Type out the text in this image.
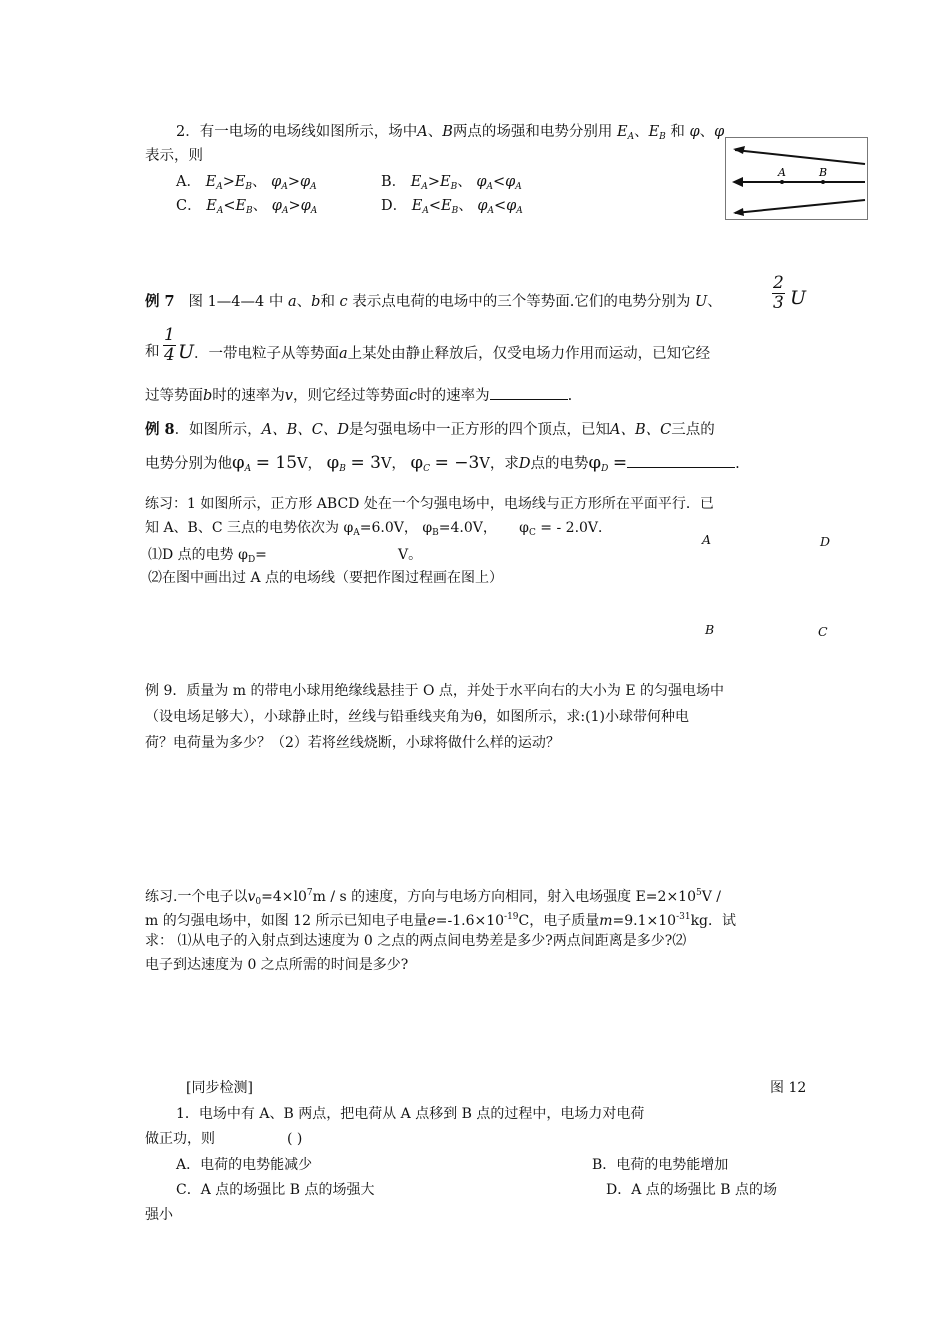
2．有一电场的电场线如图所示，场中A、B两点的场强和电势分别用 $E_A$、$E_B$ 和 φ、φ
表示，则
A． $E_A>E_B$、 $\varphi_A>\varphi_A$	B． $E_A>E_B$、 $\varphi_A<\varphi_A$
C． $E_A<E_B$、 $\varphi_A>\varphi_A$	D． $E_A<E_B$、 $\varphi_A<\varphi_A$
A	B
例 7 图 1—4—4 中 a、b和 c 表示点电荷的电场中的三个等势面.它们的电势分别为 U、	$\frac{2}{3}$ U
和 $\frac{1}{4}$ U．一带电粒子从等势面a上某处由静止释放后，仅受电场力作用而运动，已知它经
过等势面b时的速率为v，则它经过等势面c时的速率为	.
例 8．如图所示，A、B、C、D是匀强电场中一正方形的四个顶点，已知A、B、C三点的
电势分别为他$\varphi_A = 15V$， $\varphi_B = 3V$， $\varphi_C = -3V$，求D点的电势$\varphi_D$ =	.
练习：1 如图所示，正方形 ABCD 处在一个匀强电场中，电场线与正方形所在平面平行．已
知 A、B、C 三点的电势依次为 $\varphi_A=6.0V$， $\varphi_B=4.0V$，     $\varphi_C$ = - 2.0V．
⑴D 点的电势 $\varphi_D=$	V。
⑵在图中画出过 A 点的电场线（要把作图过程画在图上）
A	D
B	C
例 9．质量为 m 的带电小球用绝缘线悬挂于 O 点，并处于水平向右的大小为 E 的匀强电场中
（设电场足够大），小球静止时，丝线与铅垂线夹角为θ，如图所示，求:(1)小球带何种电
荷？电荷量为多少？（2）若将丝线烧断，小球将做什么样的运动？
练习.一个电子以$v_0=4\times l0^7m / s$ 的速度，方向与电场方向相同，射入电场强度 $E=2\times 10^5V$ /
m 的匀强电场中，如图 12 所示已知电子电量$e=-1.6\times 10^{-19}C$，电子质量$m=9.1\times 10^{-31}kg$．试
求： ⑴从电子的入射点到达速度为 0 之点的两点间电势差是多少?两点间距离是多少?⑵
电子到达速度为 0 之点所需的时间是多少?
[同步检测]	图 12
1．电场中有 A、B 两点，把电荷从 A 点移到 B 点的过程中，电场力对电荷
做正功，则	( )
A．电荷的电势能减少	B．电荷的电势能增加
C．A 点的场强比 B 点的场强大	D．A 点的场强比 B 点的场
强小
